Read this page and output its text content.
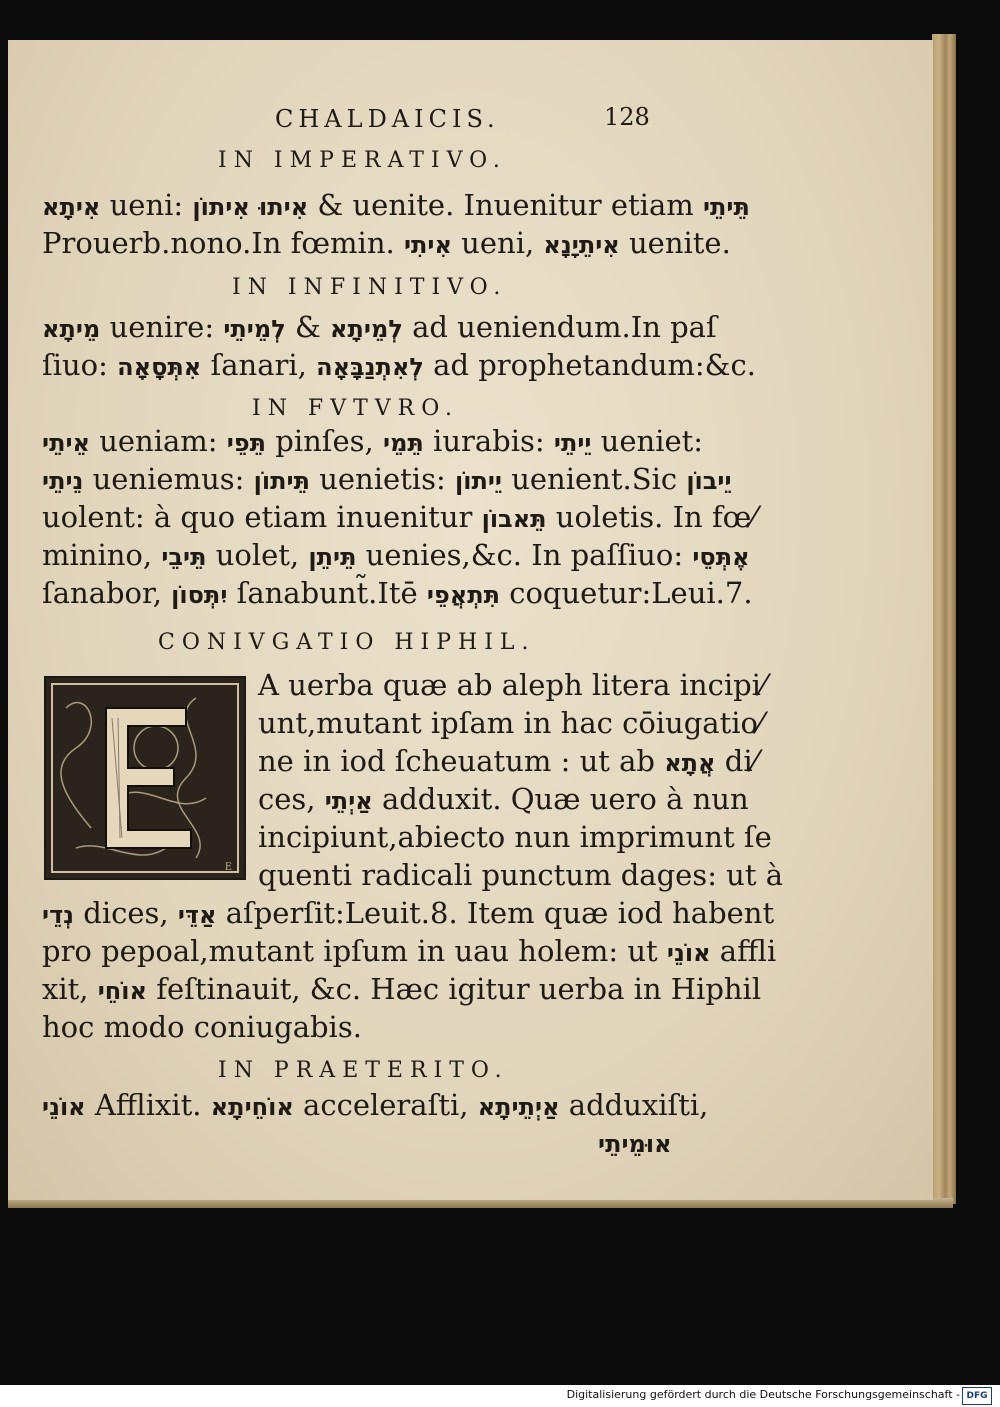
CHALDAICIS.	128
IN IMPERATIVO.
אִיתָא ueni:	אִיתוּ אִיתוֹן & uenite. Inuenitur etiam תֵּיתֵי
Prouerb.nono.In fœmin. אִיתִי ueni, אִיתֵיָנָא uenite.
IN INFINITIVO.
מֵיתָא uenire:	לְמֵיתָא & לְמֵיתֵי	ad ueniendum.In paſ
ſiuo: אִתְּסָאָה ſanari, לְאִתְנַבָּאָה ad prophetandum:&c.
IN FVTVRO.
אֵיתֵי ueniam: תֵּפֵי pinſes, תֵּמֵי iurabis: יֵיתֵי ueniet:
נֵיתֵי ueniemus: תֵּיתוֹן uenietis: יֵיתוֹן uenient.Sic יֵיבוֹן
uolent: à quo etiam inuenitur תֵּאבוֹן uoletis. In fœ⁄
minino, תֵּיבֵי uolet, תֵּיתֵן uenies,&c. In paſſiuo: אֶתְּסֵי
ſanabor, יִתְּסוֹן ſanabunt̃.Itē תִּתְאֲפֵי coquetur:Leui.7.
CONIVGATIO HIPHIL.
E
A uerba quæ ab aleph litera incipi⁄
unt,mutant ipſam in hac cōiugatio⁄
ne in iod ſcheuatum : ut ab אֲתָא di⁄
ces, אַיְתֵי adduxit. Quæ uero à nun
incipiunt,abiecto nun imprimunt ſe
quenti radicali punctum dages: ut à
נְדֵי dices, אַדֵּי aſperſit:Leuit.8. Item quæ iod habent
pro pepoal,mutant ipſum in uau holem: ut אוֹנֵי affli
xit, אוֹחֵי feſtinauit, &c. Hæc igitur uerba in Hiphil
hoc modo coniugabis.
IN PRAETERITO.
אוֹנֵי Afflixit. אוֹחֵיתָא acceleraſti, אַיְתֵיתָא adduxiſti,
אוּמֵיתֵי
Digitalisierung gefördert durch die Deutsche Forschungsgemeinschaft - DFG
